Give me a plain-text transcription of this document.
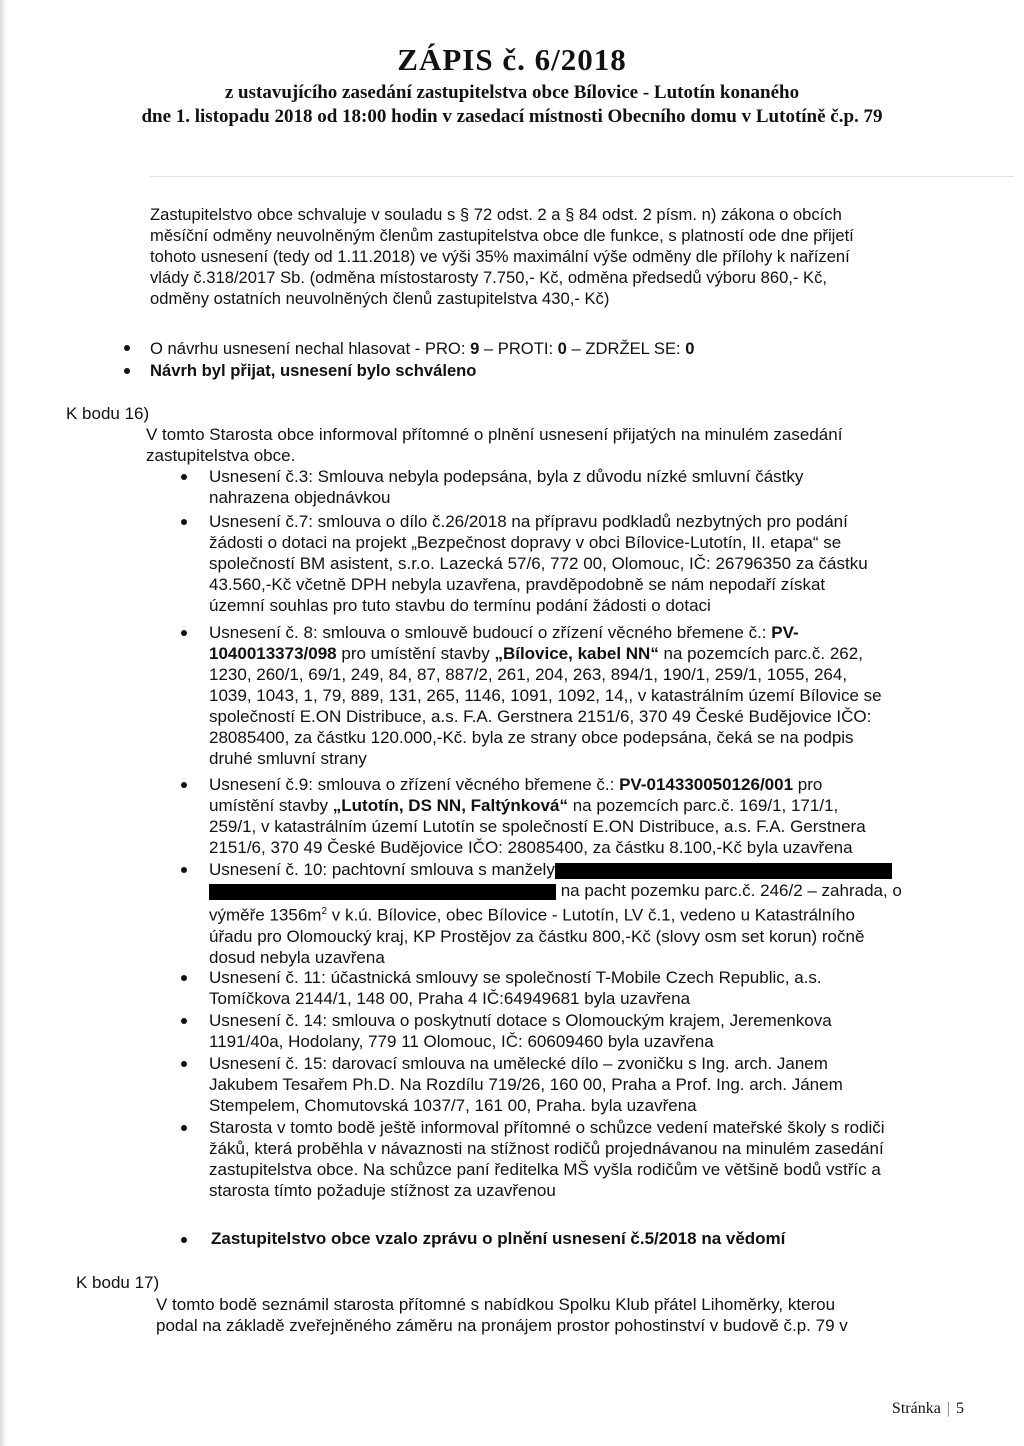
ZÁPIS č. 6/2018
z ustavujícího zasedání zastupitelstva obce Bílovice - Lutotín konaného
dne 1. listopadu 2018 od 18:00 hodin v zasedací místnosti Obecního domu v Lutotíně č.p. 79
Zastupitelstvo obce schvaluje v souladu s § 72 odst. 2 a § 84 odst. 2 písm. n) zákona o obcích
měsíční odměny neuvolněným členům zastupitelstva obce dle funkce, s platností ode dne přijetí
tohoto usnesení (tedy od 1.11.2018) ve výši 35% maximální výše odměny dle přílohy k nařízení
vlády č.318/2017 Sb. (odměna místostarosty 7.750,- Kč, odměna předsedů výboru 860,- Kč,
odměny ostatních neuvolněných členů zastupitelstva 430,- Kč)
O návrhu usnesení nechal hlasovat - PRO: 9 – PROTI: 0 – ZDRŽEL SE: 0
Návrh byl přijat, usnesení bylo schváleno
K bodu 16)
V tomto Starosta obce informoval přítomné o plnění usnesení přijatých na minulém zasedání
zastupitelstva obce.
Usnesení č.3: Smlouva nebyla podepsána, byla z důvodu nízké smluvní částky
nahrazena objednávkou
Usnesení č.7: smlouva o dílo č.26/2018 na přípravu podkladů nezbytných pro podání
žádosti o dotaci na projekt „Bezpečnost dopravy v obci Bílovice-Lutotín, II. etapa“ se
společností BM asistent, s.r.o. Lazecká 57/6, 772 00, Olomouc, IČ: 26796350 za částku
43.560,-Kč včetně DPH nebyla uzavřena, pravděpodobně se nám nepodaří získat
územní souhlas pro tuto stavbu do termínu podání žádosti o dotaci
Usnesení č. 8: smlouva o smlouvě budoucí o zřízení věcného břemene č.: PV-
1040013373/098 pro umístění stavby „Bílovice, kabel NN“ na pozemcích parc.č. 262,
1230, 260/1, 69/1, 249, 84, 87, 887/2, 261, 204, 263, 894/1, 190/1, 259/1, 1055, 264,
1039, 1043, 1, 79, 889, 131, 265, 1146, 1091, 1092, 14,, v katastrálním území Bílovice se
společností E.ON Distribuce, a.s. F.A. Gerstnera 2151/6, 370 49 České Budějovice IČO:
28085400, za částku 120.000,-Kč. byla ze strany obce podepsána, čeká se na podpis
druhé smluvní strany
Usnesení č.9: smlouva o zřízení věcného břemene č.: PV-014330050126/001 pro
umístění stavby „Lutotín, DS NN, Faltýnková“ na pozemcích parc.č. 169/1, 171/1,
259/1, v katastrálním území Lutotín se společností E.ON Distribuce, a.s. F.A. Gerstnera
2151/6, 370 49 České Budějovice IČO: 28085400, za částku 8.100,-Kč byla uzavřena
Usnesení č. 10: pachtovní smlouva s manžely
na pacht pozemku parc.č. 246/2 – zahrada, o
výměře $1356m^2$ v k.ú. Bílovice, obec Bílovice - Lutotín, LV č.1, vedeno u Katastrálního
úřadu pro Olomoucký kraj, KP Prostějov za částku 800,-Kč (slovy osm set korun) ročně
dosud nebyla uzavřena
Usnesení č. 11: účastnická smlouvy se společností T-Mobile Czech Republic, a.s.
Tomíčkova 2144/1, 148 00, Praha 4 IČ:64949681 byla uzavřena
Usnesení č. 14: smlouva o poskytnutí dotace s Olomouckým krajem, Jeremenkova
1191/40a, Hodolany, 779 11 Olomouc, IČ: 60609460 byla uzavřena
Usnesení č. 15: darovací smlouva na umělecké dílo – zvoničku s Ing. arch. Janem
Jakubem Tesařem Ph.D. Na Rozdílu 719/26, 160 00, Praha a Prof. Ing. arch. Jánem
Stempelem, Chomutovská 1037/7, 161 00, Praha. byla uzavřena
Starosta v tomto bodě ještě informoval přítomné o schůzce vedení mateřské školy s rodiči
žáků, která proběhla v návaznosti na stížnost rodičů projednávanou na minulém zasedání
zastupitelstva obce. Na schůzce paní ředitelka MŠ vyšla rodičům ve většině bodů vstříc a
starosta tímto požaduje stížnost za uzavřenou
Zastupitelstvo obce vzalo zprávu o plnění usnesení č.5/2018 na vědomí
K bodu 17)
V tomto bodě seznámil starosta přítomné s nabídkou Spolku Klub přátel Lihoměrky, kterou
podal na základě zveřejněného záměru na pronájem prostor pohostinství v budově č.p. 79 v
Stránka | 5
